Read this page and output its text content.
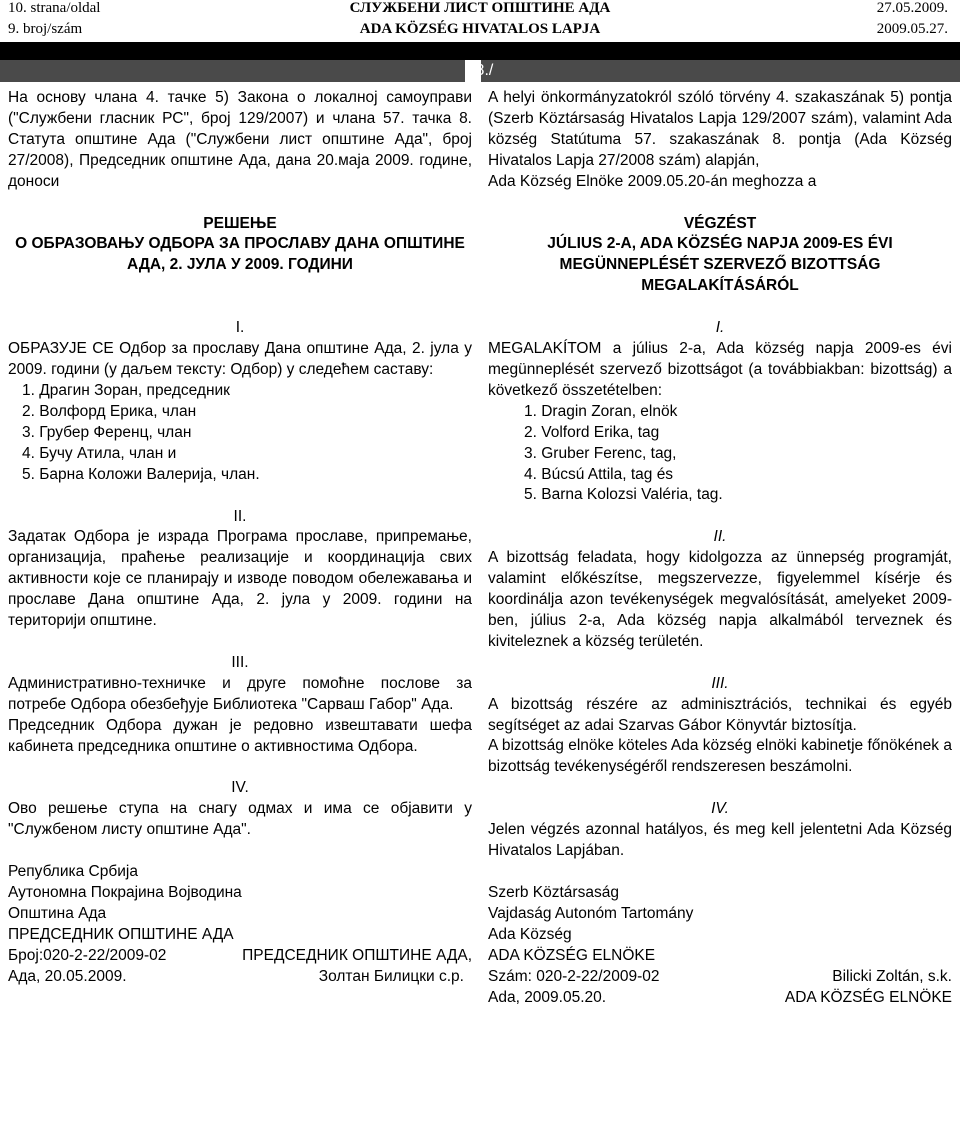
10. strana/oldal
9. broj/szám
СЛУЖБЕНИ ЛИСТ ОПШТИНЕ АДА
ADA KÖZSÉG HIVATALOS LAPJA
27.05.2009.
2009.05.27.
38./

На основу члана 4. тачке 5) Закона о локалној самоуправи ("Службени гласник РС", број 129/2007) и члана 57. тачка 8. Статута општине Ада ("Службени лист општине Ада", број 27/2008), Председник општине Ада, дана 20.маја 2009. године, доноси

РЕШЕЊЕ

О ОБРАЗОВАЊУ ОДБОРА ЗА ПРОСЛАВУ ДАНА ОПШТИНЕ АДА, 2. ЈУЛА У 2009. ГОДИНИ

I.

ОБРАЗУЈЕ СЕ Одбор за прославу Дана општине Ада, 2. јула у 2009. години (у даљем тексту: Одбор) у следећем саставу:

1. Драгин Зоран, председник
2. Волфорд Ерика, члан
3. Грубер Ференц, члан
4. Бучу Атила, члан и
5. Барна Коложи Валерија, члан.

II.

Задатак Одбора је израда Програма прославе, припремање, организација, праћење реализације и координација свих активности које се планирају и изводе поводом обележавања и прославе Дана општине Ада, 2. јула у 2009. години на територији општине.

III.

Административно-техничке и друге помоћне послове за потребе Одбора обезбеђује Библиотека "Сарваш Габор" Ада.

Председник Одбора дужан је редовно извештавати шефа кабинета председника општине о активностима Одбора.

IV.

Ово решење ступа на снагу одмах и има се објавити у "Службеном листу општине Ада".

Република Србија

Аутономна Покрајина Војводина

Општина Ада

ПРЕДСЕДНИК ОПШТИНЕ АДА

Број:020-2-22/2009-02	ПРЕДСЕДНИК ОПШТИНЕ АДА,
Ада, 20.05.2009.	Золтан Билицки с.р.

A helyi önkormányzatokról szóló törvény 4. szakaszának 5) pontja (Szerb Köztársaság Hivatalos Lapja 129/2007 szám), valamint Ada község Statútuma 57. szakaszának 8. pontja (Ada Község Hivatalos Lapja 27/2008 szám) alapján,

Ada Község Elnöke 2009.05.20-án meghozza a

VÉGZÉST

JÚLIUS 2-A, ADA KÖZSÉG NAPJA 2009-ES ÉVI MEGÜNNEPLÉSÉT SZERVEZŐ BIZOTTSÁG MEGALAKÍTÁSÁRÓL

I.

MEGALAKÍTOM a július 2-a, Ada község napja 2009-es évi megünneplését szervező bizottságot (a továbbiakban: bizottság) a következő összetételben:

1. Dragin Zoran, elnök
2. Volford Erika, tag
3. Gruber Ferenc, tag,
4. Búcsú Attila, tag és
5. Barna Kolozsi Valéria, tag.

II.

A bizottság feladata, hogy kidolgozza az ünnepség programját, valamint előkészítse, megszervezze, figyelemmel kísérje és koordinálja azon tevékenységek megvalósítását, amelyeket 2009-ben, július 2-a, Ada község napja alkalmából terveznek és kiviteleznek a község területén.

III.

A bizottság részére az adminisztrációs, technikai és egyéb segítséget az adai Szarvas Gábor Könyvtár biztosítja.

A bizottság elnöke köteles Ada község elnöki kabinetje főnökének a bizottság tevékenységéről rendszeresen beszámolni.

IV.

Jelen végzés azonnal hatályos, és meg kell jelentetni Ada Község Hivatalos Lapjában.

Szerb Köztársaság

Vajdaság Autonóm Tartomány

Ada Község

ADA KÖZSÉG ELNÖKE

Szám: 020-2-22/2009-02	Bilicki Zoltán, s.k.
Ada, 2009.05.20.	ADA KÖZSÉG ELNÖKE
